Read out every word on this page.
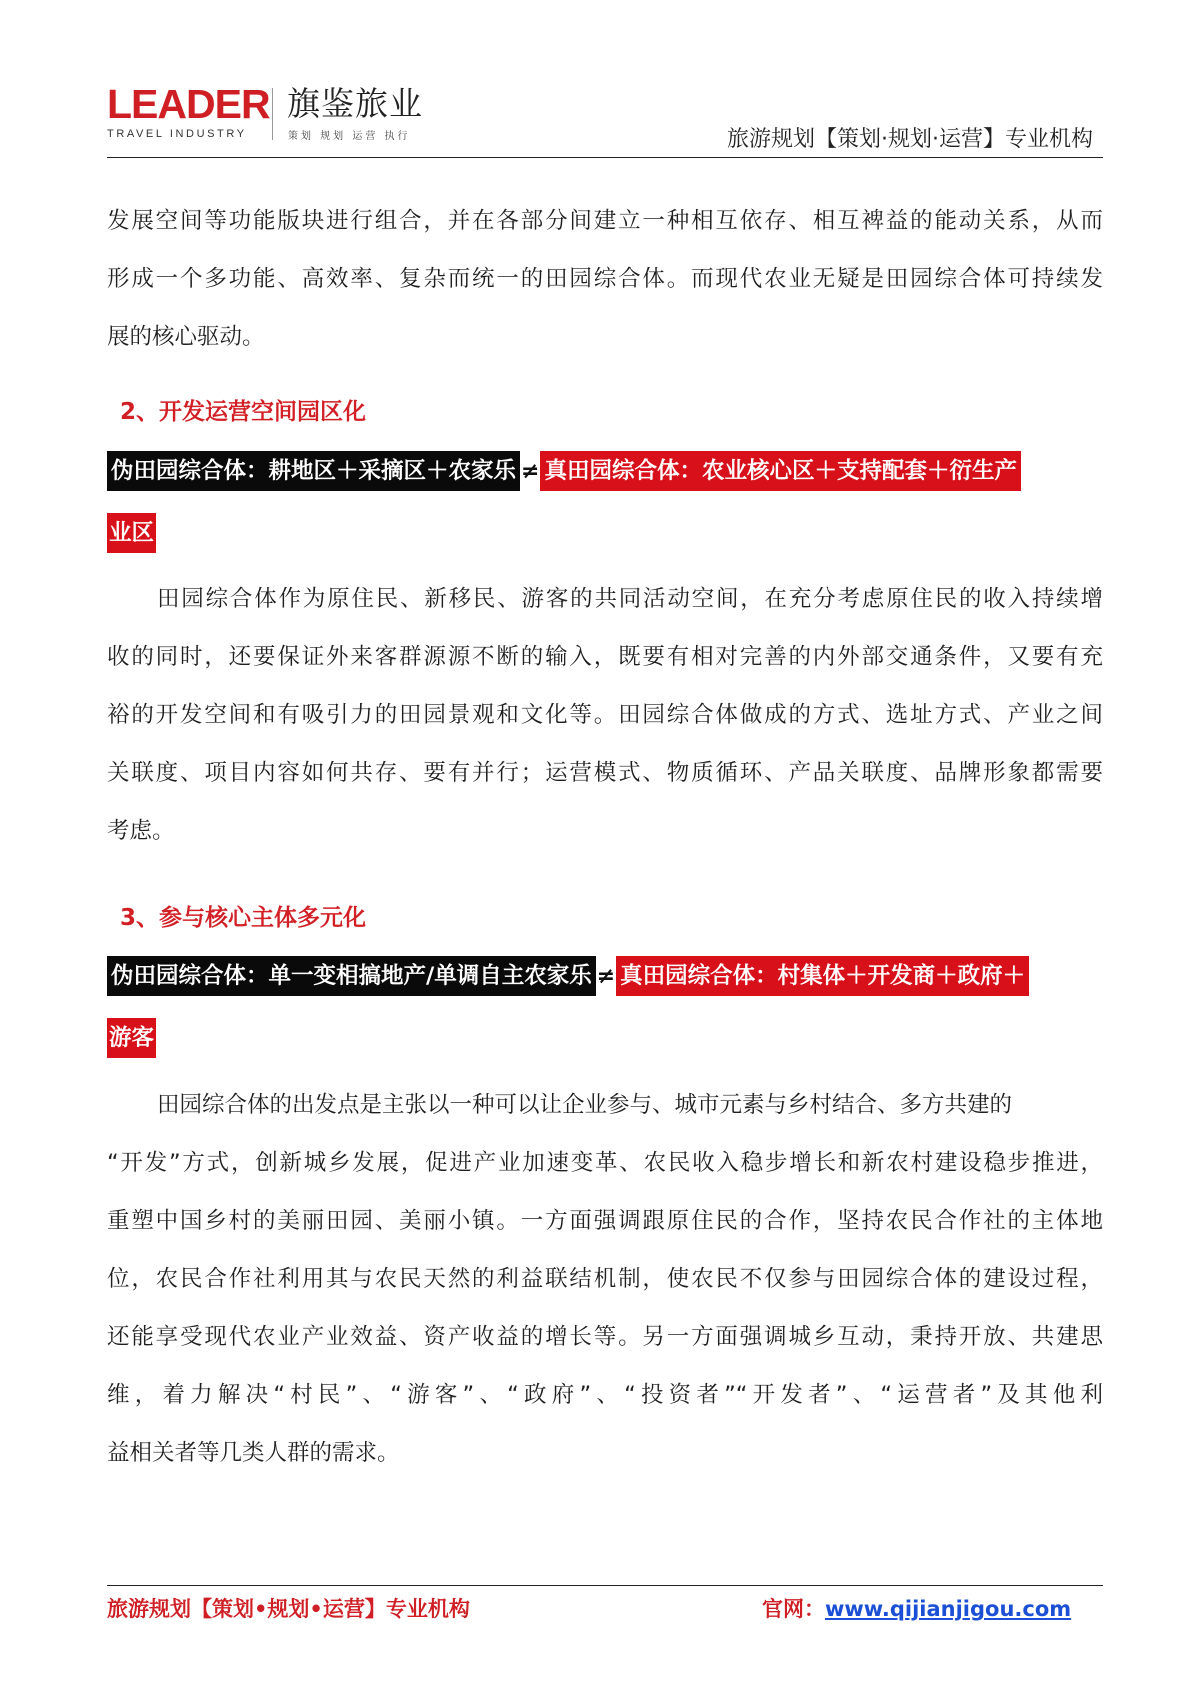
LEADER
TRAVEL INDUSTRY
旗鉴旅业
策划 规划 运营 执行	旅游规划【策划·规划·运营】专业机构
发展空间等功能版块进行组合，并在各部分间建立一种相互依存、相互裨益的能动关系，从而
形成一个多功能、高效率、复杂而统一的田园综合体。而现代农业无疑是田园综合体可持续发
展的核心驱动。
2、开发运营空间园区化
伪田园综合体：耕地区＋采摘区＋农家乐 ≠ 真田园综合体：农业核心区＋支持配套＋衍生产
业区
田园综合体作为原住民、新移民、游客的共同活动空间，在充分考虑原住民的收入持续增
收的同时，还要保证外来客群源源不断的输入，既要有相对完善的内外部交通条件，又要有充
裕的开发空间和有吸引力的田园景观和文化等。田园综合体做成的方式、选址方式、产业之间
关联度、项目内容如何共存、要有并行；运营模式、物质循环、产品关联度、品牌形象都需要
考虑。
3、参与核心主体多元化
伪田园综合体：单一变相搞地产/单调自主农家乐 ≠ 真田园综合体：村集体＋开发商＋政府＋
游客
田园综合体的出发点是主张以一种可以让企业参与、城市元素与乡村结合、多方共建的
“开发”方式，创新城乡发展，促进产业加速变革、农民收入稳步增长和新农村建设稳步推进，
重塑中国乡村的美丽田园、美丽小镇。一方面强调跟原住民的合作，坚持农民合作社的主体地
位，农民合作社利用其与农民天然的利益联结机制，使农民不仅参与田园综合体的建设过程，
还能享受现代农业产业效益、资产收益的增长等。另一方面强调城乡互动，秉持开放、共建思
维，着力解决“村民”、“游客”、“政府”、“投资者”“开发者”、“运营者”及其他利
益相关者等几类人群的需求。
旅游规划【策划•规划•运营】专业机构	官网：www.qijianjigou.com
